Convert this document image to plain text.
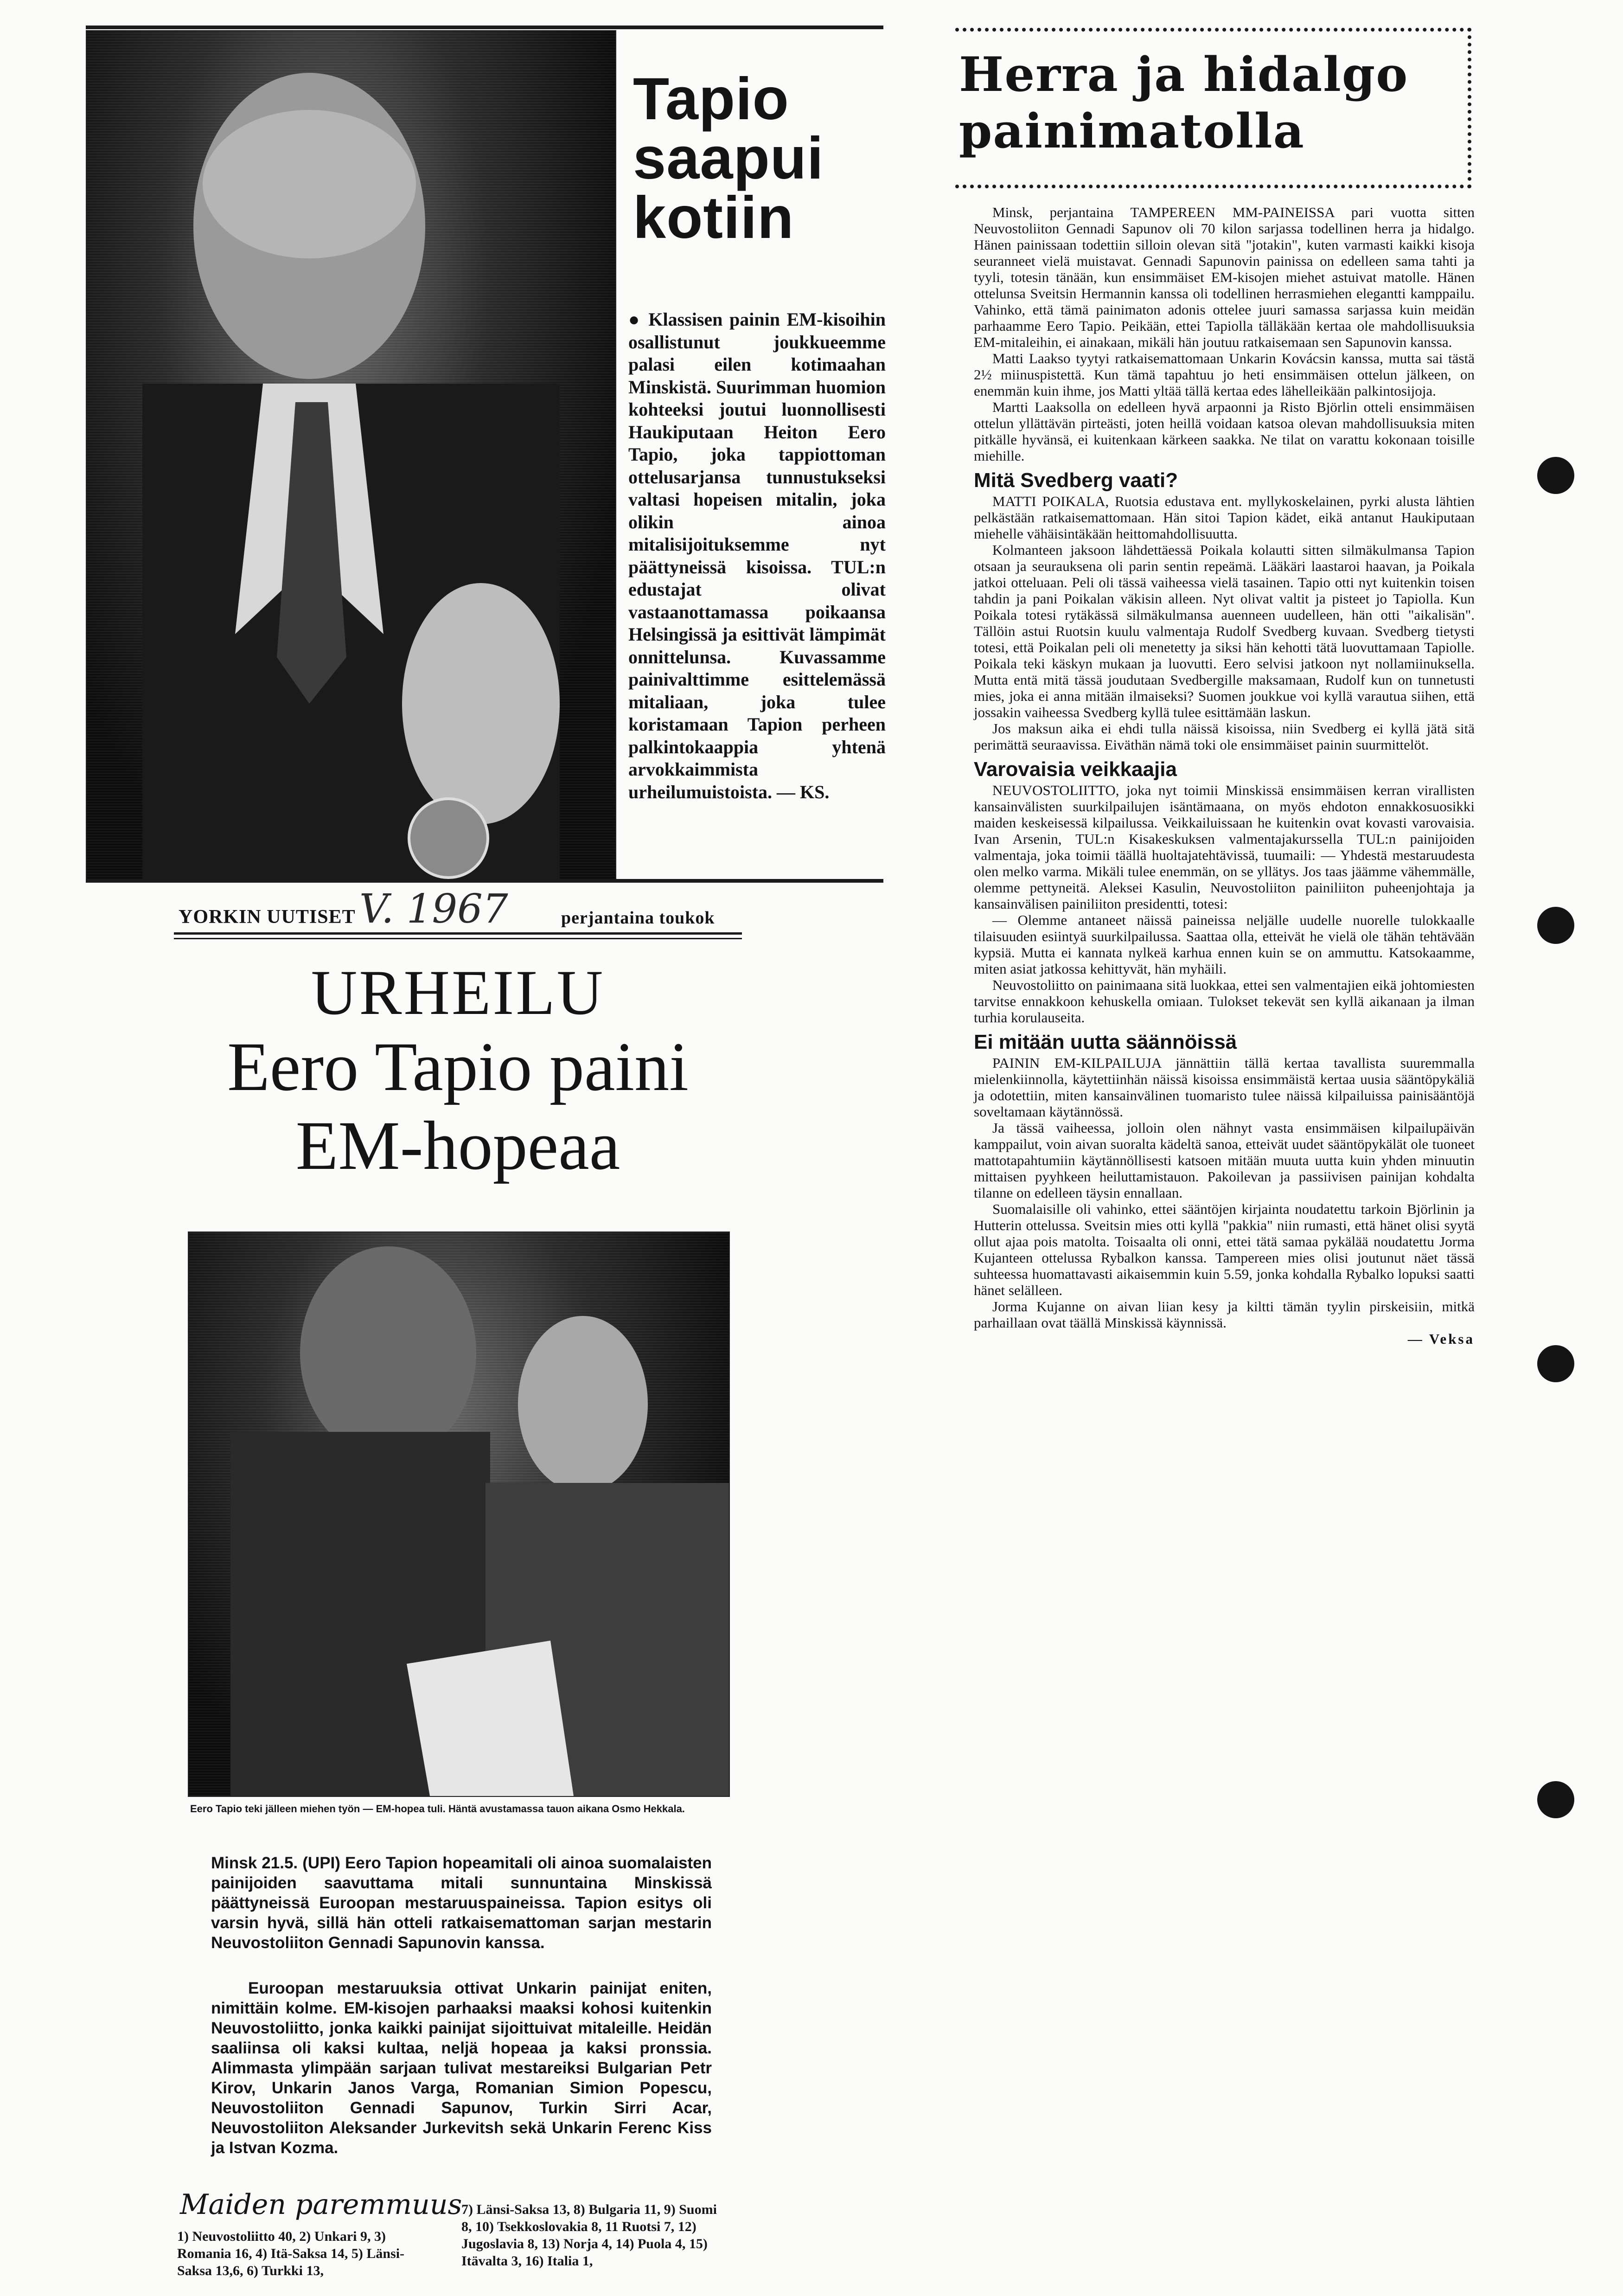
Tapio
saapui
kotiin
● Klassisen painin EM-kisoihin osallistunut joukkueemme palasi eilen kotimaahan Minskistä. Suurimman huomion kohteeksi joutui luonnollisesti Haukiputaan Heiton Eero Tapio, joka tappiottoman ottelusarjansa tunnustukseksi valtasi hopeisen mitalin, joka olikin ainoa mitalisijoituksemme nyt päättyneissä kisoissa. TUL:n edustajat olivat vastaanottamassa poikaansa Helsingissä ja esittivät lämpimät onnittelunsa. Kuvassamme painivalttimme esittelemässä mitaliaan, joka tulee koristamaan Tapion perheen palkintokaappia yhtenä arvokkaimmista urheilumuistoista. — KS.
YORKIN UUTISET V. 1967	perjantaina toukok
URHEILU
Eero Tapio paini
EM-hopeaa
Eero Tapio teki jälleen miehen työn — EM-hopea tuli. Häntä avustamassa tauon aikana Osmo Hekkala.
Minsk 21.5. (UPI) Eero Tapion hopeamitali oli ainoa suomalaisten painijoiden saavuttama mitali sunnuntaina Minskissä päättyneissä Euroopan mestaruuspaineissa. Tapion esitys oli varsin hyvä, sillä hän otteli ratkaisemattoman sarjan mestarin Neuvostoliiton Gennadi Sapunovin kanssa.
Euroopan mestaruuksia ottivat Unkarin painijat eniten, nimittäin kolme. EM-kisojen parhaaksi maaksi kohosi kuitenkin Neuvostoliitto, jonka kaikki painijat sijoittuivat mitaleille. Heidän saaliinsa oli kaksi kultaa, neljä hopeaa ja kaksi pronssia. Alimmasta ylimpään sarjaan tulivat mestareiksi Bulgarian Petr Kirov, Unkarin Janos Varga, Romanian Simion Popescu, Neuvostoliiton Gennadi Sapunov, Turkin Sirri Acar, Neuvostoliiton Aleksander Jurkevitsh sekä Unkarin Ferenc Kiss ja Istvan Kozma.
Maiden paremmuus
1) Neuvostoliitto 40, 2) Unkari 9, 3) Romania 16, 4) Itä-Saksa 14, 5) Länsi-Saksa 13,6, 6) Turkki 13,
7) Länsi-Saksa 13, 8) Bulgaria 11, 9) Suomi 8, 10) Tsekkoslovakia 8, 11 Ruotsi 7, 12) Jugoslavia 8, 13) Norja 4, 14) Puola 4, 15) Itävalta 3, 16) Italia 1,
Herra ja hidalgo
painimatolla

Minsk, perjantaina TAMPEREEN MM-PAINEISSA pari vuotta sitten Neuvostoliiton Gennadi Sapunov oli 70 kilon sarjassa todellinen herra ja hidalgo. Hänen painissaan todettiin silloin olevan sitä "jotakin", kuten varmasti kaikki kisoja seuranneet vielä muistavat. Gennadi Sapunovin painissa on edelleen sama tahti ja tyyli, totesin tänään, kun ensimmäiset EM-kisojen miehet astuivat matolle. Hänen ottelunsa Sveitsin Hermannin kanssa oli todellinen herrasmiehen elegantti kamppailu. Vahinko, että tämä painimaton adonis ottelee juuri samassa sarjassa kuin meidän parhaamme Eero Tapio. Peikään, ettei Tapiolla tälläkään kertaa ole mahdollisuuksia EM-mitaleihin, ei ainakaan, mikäli hän joutuu ratkaisemaan sen Sapunovin kanssa.

Matti Laakso tyytyi ratkaisemattomaan Unkarin Kovácsin kanssa, mutta sai tästä 2½ miinuspistettä. Kun tämä tapahtuu jo heti ensimmäisen ottelun jälkeen, on enemmän kuin ihme, jos Matti yltää tällä kertaa edes lähelleikään palkintosijoja.

Martti Laaksolla on edelleen hyvä arpaonni ja Risto Björlin otteli ensimmäisen ottelun yllättävän pirteästi, joten heillä voidaan katsoa olevan mahdollisuuksia miten pitkälle hyvänsä, ei kuitenkaan kärkeen saakka. Ne tilat on varattu kokonaan toisille miehille.

Mitä Svedberg vaati?

MATTI POIKALA, Ruotsia edustava ent. myllykoskelainen, pyrki alusta lähtien pelkästään ratkaisemattomaan. Hän sitoi Tapion kädet, eikä antanut Haukiputaan miehelle vähäisintäkään heittomahdollisuutta.

Kolmanteen jaksoon lähdettäessä Poikala kolautti sitten silmäkulmansa Tapion otsaan ja seurauksena oli parin sentin repeämä. Lääkäri laastaroi haavan, ja Poikala jatkoi otteluaan. Peli oli tässä vaiheessa vielä tasainen. Tapio otti nyt kuitenkin toisen tahdin ja pani Poikalan väkisin alleen. Nyt olivat valtit ja pisteet jo Tapiolla. Kun Poikala totesi rytäkässä silmäkulmansa auenneen uudelleen, hän otti "aikalisän". Tällöin astui Ruotsin kuulu valmentaja Rudolf Svedberg kuvaan. Svedberg tietysti totesi, että Poikalan peli oli menetetty ja siksi hän kehotti tätä luovuttamaan Tapiolle. Poikala teki käskyn mukaan ja luovutti. Eero selvisi jatkoon nyt nollamiinuksella. Mutta entä mitä tässä joudutaan Svedbergille maksamaan, Rudolf kun on tunnetusti mies, joka ei anna mitään ilmaiseksi? Suomen joukkue voi kyllä varautua siihen, että jossakin vaiheessa Svedberg kyllä tulee esittämään laskun.

Jos maksun aika ei ehdi tulla näissä kisoissa, niin Svedberg ei kyllä jätä sitä perimättä seuraavissa. Eiväthän nämä toki ole ensimmäiset painin suurmittelöt.

Varovaisia veikkaajia

NEUVOSTOLIITTO, joka nyt toimii Minskissä ensimmäisen kerran virallisten kansainvälisten suurkilpailujen isäntämaana, on myös ehdoton ennakkosuosikki maiden keskeisessä kilpailussa. Veikkailuissaan he kuitenkin ovat kovasti varovaisia. Ivan Arsenin, TUL:n Kisakeskuksen valmentajakurssella TUL:n painijoiden valmentaja, joka toimii täällä huoltajatehtävissä, tuumaili: — Yhdestä mestaruudesta olen melko varma. Mikäli tulee enemmän, on se yllätys. Jos taas jäämme vähemmälle, olemme pettyneitä. Aleksei Kasulin, Neuvostoliiton painiliiton puheenjohtaja ja kansainvälisen painiliiton presidentti, totesi:

— Olemme antaneet näissä paineissa neljälle uudelle nuorelle tulokkaalle tilaisuuden esiintyä suurkilpailussa. Saattaa olla, etteivät he vielä ole tähän tehtävään kypsiä. Mutta ei kannata nylkeä karhua ennen kuin se on ammuttu. Katsokaamme, miten asiat jatkossa kehittyvät, hän myhäili.

Neuvostoliitto on painimaana sitä luokkaa, ettei sen valmentajien eikä johtomiesten tarvitse ennakkoon kehuskella omiaan. Tulokset tekevät sen kyllä aikanaan ja ilman turhia korulauseita.

Ei mitään uutta säännöissä

PAININ EM-KILPAILUJA jännättiin tällä kertaa tavallista suuremmalla mielenkiinnolla, käytettiinhän näissä kisoissa ensimmäistä kertaa uusia sääntöpykäliä ja odotettiin, miten kansainvälinen tuomaristo tulee näissä kilpailuissa painisääntöjä soveltamaan käytännössä.

Ja tässä vaiheessa, jolloin olen nähnyt vasta ensimmäisen kilpailupäivän kamppailut, voin aivan suoralta kädeltä sanoa, etteivät uudet sääntöpykälät ole tuoneet mattotapahtumiin käytännöllisesti katsoen mitään muuta uutta kuin yhden minuutin mittaisen pyyhkeen heiluttamistauon. Pakoilevan ja passiivisen painijan kohdalta tilanne on edelleen täysin ennallaan.

Suomalaisille oli vahinko, ettei sääntöjen kirjainta noudatettu tarkoin Björlinin ja Hutterin ottelussa. Sveitsin mies otti kyllä "pakkia" niin rumasti, että hänet olisi syytä ollut ajaa pois matolta. Toisaalta oli onni, ettei tätä samaa pykälää noudatettu Jorma Kujanteen ottelussa Rybalkon kanssa. Tampereen mies olisi joutunut näet tässä suhteessa huomattavasti aikaisemmin kuin 5.59, jonka kohdalla Rybalko lopuksi saatti hänet selälleen.

Jorma Kujanne on aivan liian kesy ja kiltti tämän tyylin pirskeisiin, mitkä parhaillaan ovat täällä Minskissä käynnissä.

— Veksa
